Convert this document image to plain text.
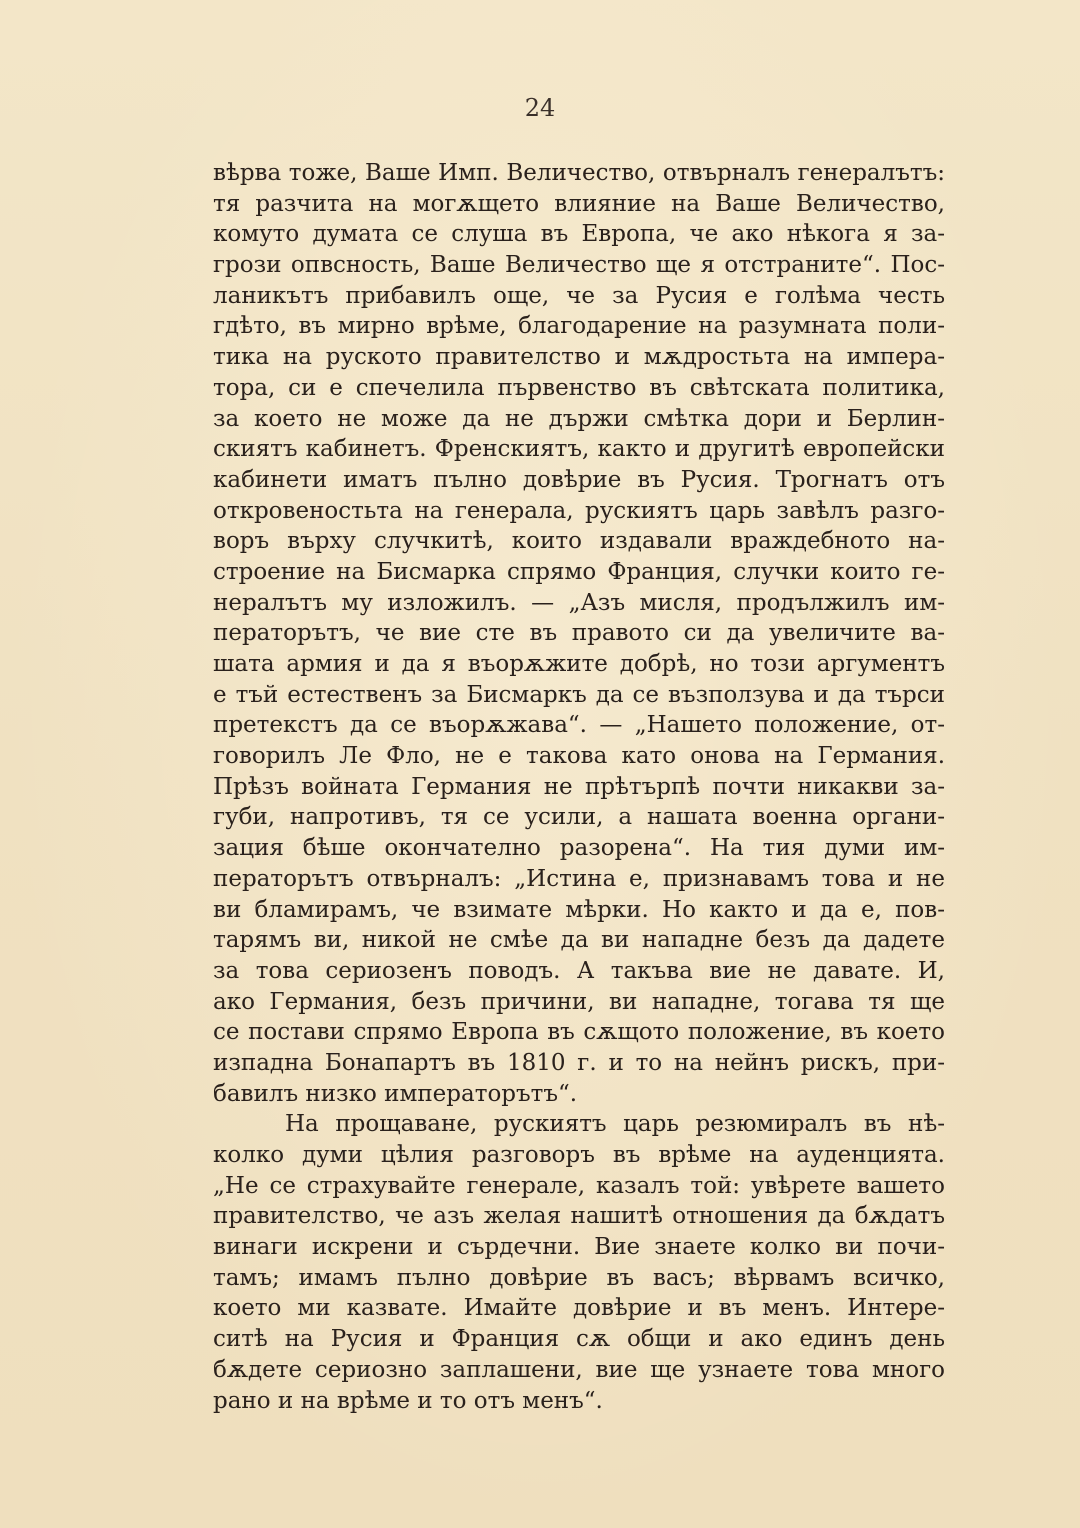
24
вѣрва тоже, Ваше Имп. Величество, отвърналъ генералътъ:
тя разчита на могѫщето влияние на Ваше Величество,
комуто думата се слуша въ Европа, че ако нѣкога я за-
грози опвсность, Ваше Величество ще я отстраните“. Пос-
ланикътъ прибавилъ още, че за Русия е голѣма честь
гдѣто, въ мирно врѣме, благодарение на разумната поли-
тика на руското правителство и мѫдростьта на импера-
тора, си е спечелила първенство въ свѣтската политика,
за което не може да не държи смѣтка дори и Берлин-
скиятъ кабинетъ. Френскиятъ, както и другитѣ европейски
кабинети иматъ пълно довѣрие въ Русия. Трогнатъ отъ
откровеностьта на генерала, рускиятъ царь завѣлъ разго-
воръ върху случкитѣ, които издавали враждебното на-
строение на Бисмарка спрямо Франция, случки които ге-
нералътъ му изложилъ. — „Азъ мисля, продължилъ им-
ператорътъ, че вие сте въ правото си да увеличите ва-
шата армия и да я въорѫжите добрѣ, но този аргументъ
е тъй естественъ за Бисмаркъ да се възползува и да търси
претекстъ да се въорѫжава“. — „Нашето положение, от-
говорилъ Ле Фло, не е такова като онова на Германия.
Прѣзъ войната Германия не прѣтърпѣ почти никакви за-
губи, напротивъ, тя се усили, а нашата военна органи-
зация бѣше окончателно разорена“. На тия думи им-
ператорътъ отвърналъ: „Истина е, признавамъ това и не
ви бламирамъ, че взимате мѣрки. Но както и да е, пов-
тарямъ ви, никой не смѣе да ви нападне безъ да дадете
за това сериозенъ поводъ. А такъва вие не давате. И,
ако Германия, безъ причини, ви нападне, тогава тя ще
се постави спрямо Европа въ сѫщото положение, въ което
изпадна Бонапартъ въ 1810 г. и то на нейнъ рискъ, при-
бавилъ низко императорътъ“.
На прощаване, рускиятъ царь резюмиралъ въ нѣ-
колко думи цѣлия разговоръ въ врѣме на ауденцията.
„Не се страхувайте генерале, казалъ той: увѣрете вашето
правителство, че азъ желая нашитѣ отношения да бѫдатъ
винаги искрени и сърдечни. Вие знаете колко ви почи-
тамъ; имамъ пълно довѣрие въ васъ; вѣрвамъ всичко,
което ми казвате. Имайте довѣрие и въ менъ. Интере-
ситѣ на Русия и Франция сѫ общи и ако единъ день
бѫдете сериозно заплашени, вие ще узнаете това много
рано и на врѣме и то отъ менъ“.
